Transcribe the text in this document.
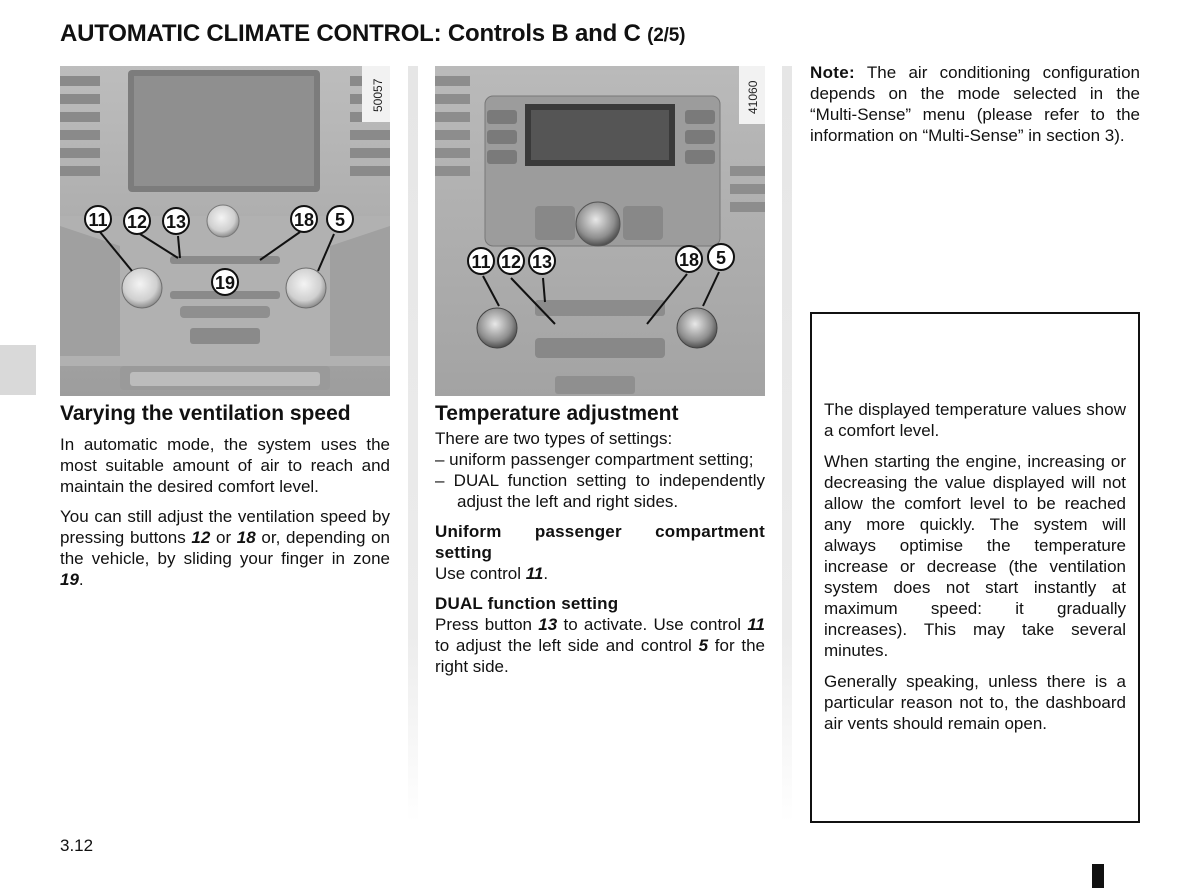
AUTOMATIC CLIMATE CONTROL: Controls B and C (2/5)
50057
11 12 13	18 5
19
41060
11 12 13	18 5
Varying the ventilation speed

In automatic mode, the system uses the most suitable amount of air to reach and maintain the desired comfort level.

You can still adjust the ventilation speed by pressing buttons 12 or 18 or, depending on the vehicle, by sliding your finger in zone 19.

Temperature adjustment

There are two types of settings:

– uniform passenger compartment setting;

– DUAL function setting to independently adjust the left and right sides.

Uniform passenger compartment setting

Use control 11.

DUAL function setting

Press button 13 to activate. Use control 11 to adjust the left side and control 5 for the right side.

Note: The air conditioning configuration depends on the mode selected in the “Multi-Sense” menu (please refer to the information on “Multi-Sense” in section 3).

The displayed temperature values show a comfort level.

When starting the engine, increasing or decreasing the value displayed will not allow the comfort level to be reached any more quickly. The system will always optimise the temperature increase or decrease (the ventilation system does not start instantly at maximum speed: it gradually increases). This may take several minutes.

Generally speaking, unless there is a particular reason not to, the dashboard air vents should remain open.

3.12
